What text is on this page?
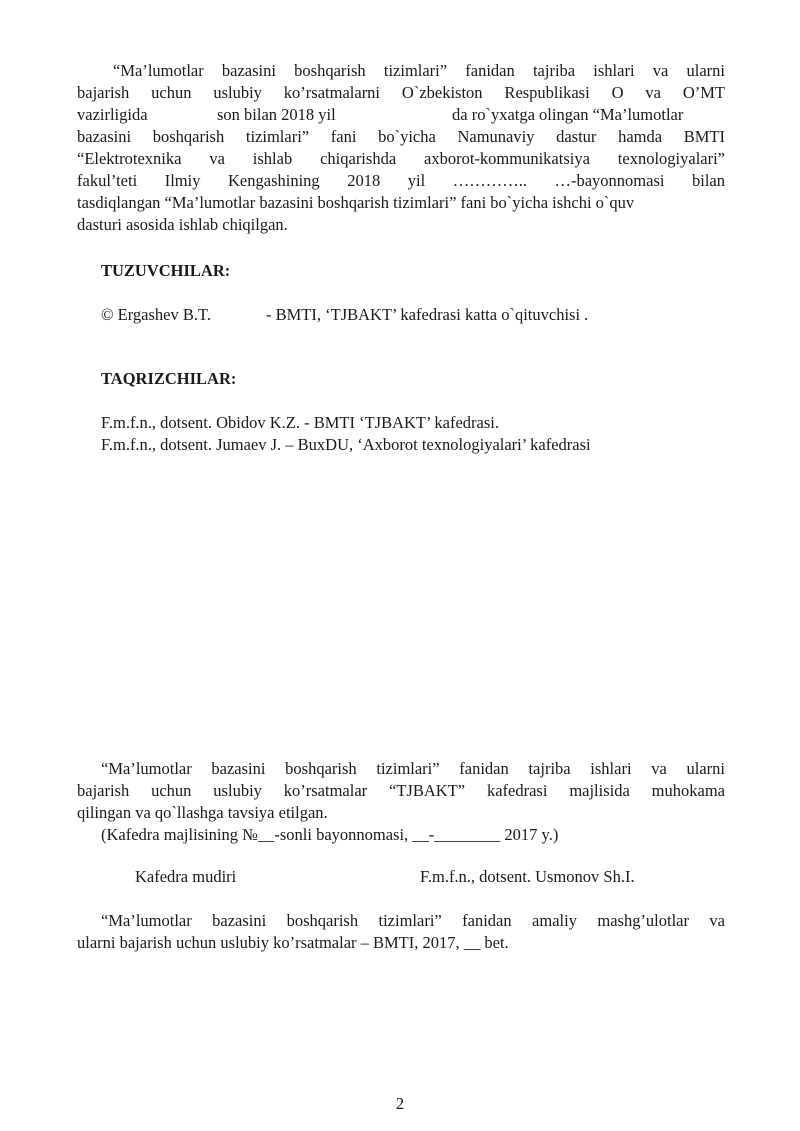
“Ma’lumotlar bazasini boshqarish tizimlari” fanidan tajriba ishlari va ularni
bajarish uchun uslubiy ko’rsatmalarni O`zbekiston Respublikasi O va O’MT
vazirligida	son bilan 2018 yil	da ro`yxatga olingan “Ma’lumotlar
bazasini boshqarish tizimlari” fani bo`yicha Namunaviy dastur hamda BMTI
“Elektrotexnika va ishlab chiqarishda axborot-kommunikatsiya texnologiyalari”
fakul’teti Ilmiy Kengashining 2018 yil ………….. …-bayonnomasi bilan
tasdiqlangan “Ma’lumotlar bazasini boshqarish tizimlari” fani bo`yicha ishchi o`quv
dasturi asosida ishlab chiqilgan.
TUZUVCHILAR:
© Ergashev B.T.	- BMTI, ‘TJBAKT’ kafedrasi katta o`qituvchisi .
TAQRIZCHILAR:
F.m.f.n., dotsent. Obidov K.Z. - BMTI ‘TJBAKT’ kafedrasi.
F.m.f.n., dotsent. Jumaev J. – BuxDU, ‘Axborot texnologiyalari’ kafedrasi
“Ma’lumotlar bazasini boshqarish tizimlari” fanidan tajriba ishlari va ularni
bajarish uchun uslubiy ko’rsatmalar “TJBAKT” kafedrasi majlisida muhokama
qilingan va qo`llashga tavsiya etilgan.
(Kafedra majlisining №__-sonli bayonnomasi, __-________ 2017 y.)
Kafedra mudiri	F.m.f.n., dotsent. Usmonov Sh.I.
“Ma’lumotlar bazasini boshqarish tizimlari” fanidan amaliy mashg’ulotlar va
ularni bajarish uchun uslubiy ko’rsatmalar – BMTI, 2017, __ bet.
2
